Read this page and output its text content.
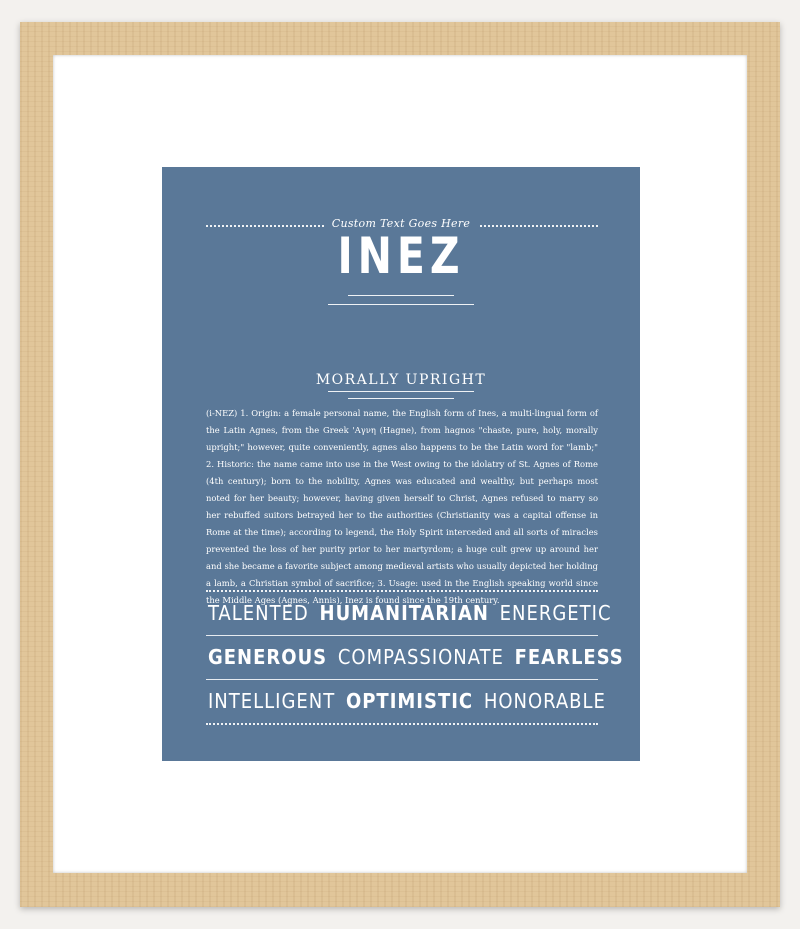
Custom Text Goes Here
INEZ
MORALLY UPRIGHT
(i-NEZ) 1. Origin: a female personal name, the English form of Ines, a multi-lingual form of the Latin Agnes, from the Greek 'Αγνη (Hagne), from hagnos "chaste, pure, holy, morally upright;" however, quite conveniently, agnes also happens to be the Latin word for "lamb;" 2. Historic: the name came into use in the West owing to the idolatry of St. Agnes of Rome (4th century); born to the nobility, Agnes was educated and wealthy, but perhaps most noted for her beauty; however, having given herself to Christ, Agnes refused to marry so her rebuffed suitors betrayed her to the authorities (Christianity was a capital offense in Rome at the time); according to legend, the Holy Spirit interceded and all sorts of miracles prevented the loss of her purity prior to her martyrdom; a huge cult grew up around her and she became a favorite subject among medieval artists who usually depicted her holding a lamb, a Christian symbol of sacrifice; 3. Usage: used in the English speaking world since the Middle Ages (Agnes, Annis), Inez is found since the 19th century.
TALENTED HUMANITARIAN ENERGETIC
GENEROUS COMPASSIONATE FEARLESS
INTELLIGENT OPTIMISTIC HONORABLE
